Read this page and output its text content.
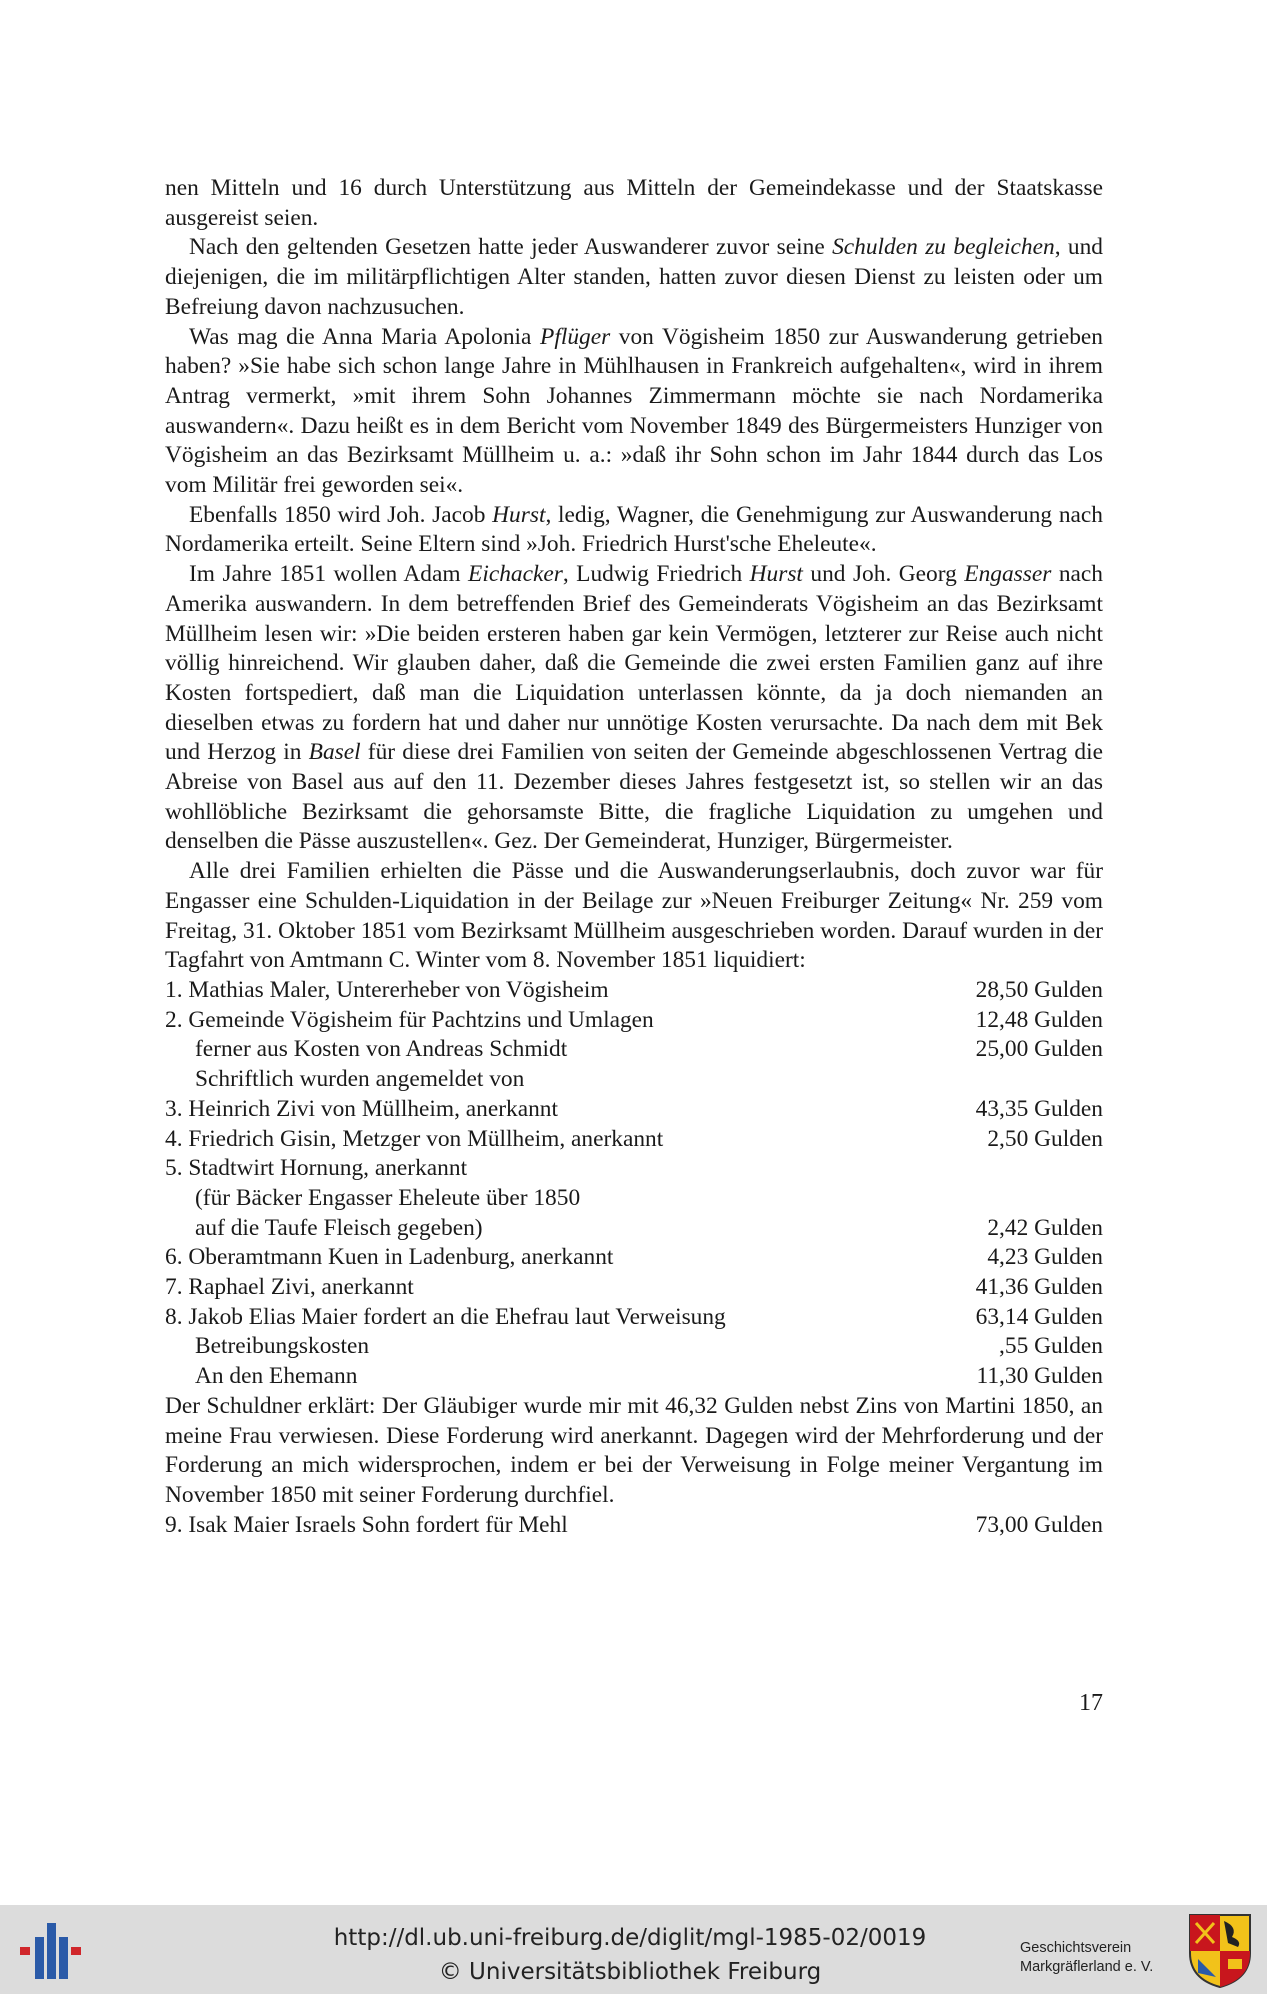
nen Mitteln und 16 durch Unterstützung aus Mitteln der Gemeindekasse und der Staatskasse ausgereist seien.

Nach den geltenden Gesetzen hatte jeder Auswanderer zuvor seine Schulden zu begleichen, und diejenigen, die im militärpflichtigen Alter standen, hatten zuvor diesen Dienst zu leisten oder um Befreiung davon nachzusuchen.

Was mag die Anna Maria Apolonia Pflüger von Vögisheim 1850 zur Auswanderung getrieben haben? »Sie habe sich schon lange Jahre in Mühlhausen in Frankreich aufgehalten«, wird in ihrem Antrag vermerkt, »mit ihrem Sohn Johannes Zimmermann möchte sie nach Nordamerika auswandern«. Dazu heißt es in dem Bericht vom November 1849 des Bürgermeisters Hunziger von Vögisheim an das Bezirksamt Müllheim u. a.: »daß ihr Sohn schon im Jahr 1844 durch das Los vom Militär frei geworden sei«.

Ebenfalls 1850 wird Joh. Jacob Hurst, ledig, Wagner, die Genehmigung zur Auswanderung nach Nordamerika erteilt. Seine Eltern sind »Joh. Friedrich Hurst'sche Eheleute«.

Im Jahre 1851 wollen Adam Eichacker, Ludwig Friedrich Hurst und Joh. Georg Engasser nach Amerika auswandern. In dem betreffenden Brief des Gemeinderats Vögisheim an das Bezirksamt Müllheim lesen wir: »Die beiden ersteren haben gar kein Vermögen, letzterer zur Reise auch nicht völlig hinreichend. Wir glauben daher, daß die Gemeinde die zwei ersten Familien ganz auf ihre Kosten fortspediert, daß man die Liquidation unterlassen könnte, da ja doch niemanden an dieselben etwas zu fordern hat und daher nur unnötige Kosten verursachte. Da nach dem mit Bek und Herzog in Basel für diese drei Familien von seiten der Gemeinde abgeschlossenen Vertrag die Abreise von Basel aus auf den 11. Dezember dieses Jahres festgesetzt ist, so stellen wir an das wohllöbliche Bezirksamt die gehorsamste Bitte, die fragliche Liquidation zu umgehen und denselben die Pässe auszustellen«. Gez. Der Gemeinderat, Hunziger, Bürgermeister.

Alle drei Familien erhielten die Pässe und die Auswanderungserlaubnis, doch zuvor war für Engasser eine Schulden-Liquidation in der Beilage zur »Neuen Freiburger Zeitung« Nr. 259 vom Freitag, 31. Oktober 1851 vom Bezirksamt Müllheim ausgeschrieben worden. Darauf wurden in der Tagfahrt von Amtmann C. Winter vom 8. November 1851 liquidiert:

1. Mathias Maler, Untererheber von Vögisheim	28,50 Gulden
2. Gemeinde Vögisheim für Pachtzins und Umlagen	12,48 Gulden
ferner aus Kosten von Andreas Schmidt	25,00 Gulden
Schriftlich wurden angemeldet von
3. Heinrich Zivi von Müllheim, anerkannt	43,35 Gulden
4. Friedrich Gisin, Metzger von Müllheim, anerkannt	2,50 Gulden
5. Stadtwirt Hornung, anerkannt
(für Bäcker Engasser Eheleute über 1850
auf die Taufe Fleisch gegeben)	2,42 Gulden
6. Oberamtmann Kuen in Ladenburg, anerkannt	4,23 Gulden
7. Raphael Zivi, anerkannt	41,36 Gulden
8. Jakob Elias Maier fordert an die Ehefrau laut Verweisung	63,14 Gulden
Betreibungskosten	,55 Gulden
An den Ehemann	11,30 Gulden

Der Schuldner erklärt: Der Gläubiger wurde mir mit 46,32 Gulden nebst Zins von Martini 1850, an meine Frau verwiesen. Diese Forderung wird anerkannt. Dagegen wird der Mehrforderung und der Forderung an mich widersprochen, indem er bei der Verweisung in Folge meiner Vergantung im November 1850 mit seiner Forderung durchfiel.

9. Isak Maier Israels Sohn fordert für Mehl	73,00 Gulden
17
http://dl.ub.uni-freiburg.de/diglit/mgl-1985-02/0019
© Universitätsbibliothek Freiburg
Geschichtsverein
Markgräflerland e. V.
